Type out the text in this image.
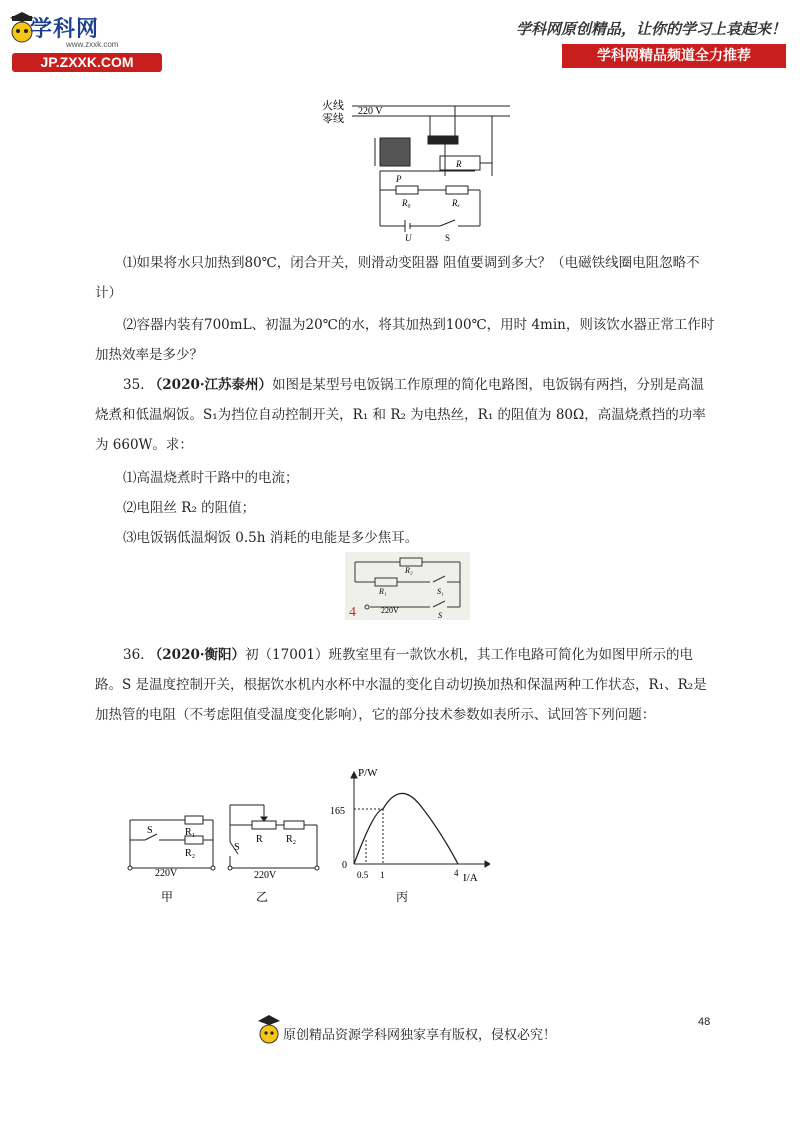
学科网
www.zxxk.com
JP.ZXXK.COM
学科网原创精品，让你的学习上袁起来！
学科网精品频道全力推荐
火线
零线
220 V
R
P
R₀	Rₓ
U	S
⑴如果将水只加热到80℃，闭合开关，则滑动变阻器 阻值要调到多大？（电磁铁线圈电阻忽略不计）
⑵容器内装有700mL、初温为20℃的水，将其加热到100℃，用时 4min，则该饮水器正常工作时加热效率是多少？
35. （2020·江苏泰州）如图是某型号电饭锅工作原理的简化电路图，电饭锅有两挡，分别是高温烧煮和低温焖饭。S₁为挡位自动控制开关，R₁ 和 R₂ 为电热丝，R₁ 的阻值为 80Ω，高温烧煮挡的功率为 660W。求：
⑴高温烧煮时干路中的电流；
⑵电阻丝 R₂ 的阻值；
⑶电饭锅低温焖饭 0.5h 消耗的电能是多少焦耳。
R₂
R₁	S₁
220V
S
4
36. （2020·衡阳）初（17001）班教室里有一款饮水机，其工作电路可简化为如图甲所示的电路。S 是温度控制开关，根据饮水机内水杯中水温的变化自动切换加热和保温两种工作状态，R₁、R₂是加热管的电阻（不考虑阻值受温度变化影响），它的部分技术参数如表所示、试回答下列问题：
S	R₁
R₂
220V
甲
R R₂
S
220V
乙
P/W
I/A
165
0
0.5 1	4
丙
原创精品资源学科网独家享有版权，侵权必究！
48
